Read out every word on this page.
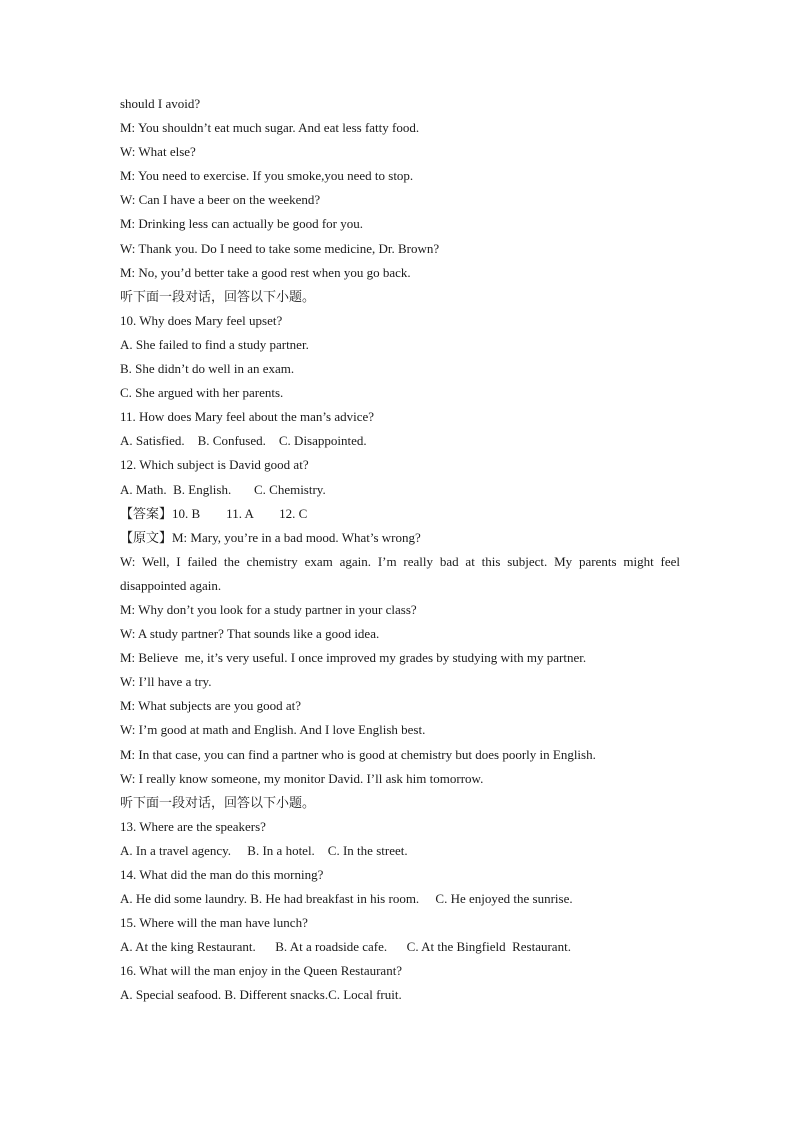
should I avoid?

M: You shouldn’t eat much sugar. And eat less fatty food.

W: What else?

M: You need to exercise. If you smoke,you need to stop.

W: Can I have a beer on the weekend?

M: Drinking less can actually be good for you.

W: Thank you. Do I need to take some medicine, Dr. Brown?

M: No, you’d better take a good rest when you go back.

听下面一段对话，回答以下小题。

10. Why does Mary feel upset?

A. She failed to find a study partner.

B. She didn’t do well in an exam.

C. She argued with her parents.

11. How does Mary feel about the man’s advice?

A. Satisfied.    B. Confused.    C. Disappointed.

12. Which subject is David good at?

A. Math.  B. English.       C. Chemistry.

【答案】10. B        11. A        12. C

【原文】M: Mary, you’re in a bad mood. What’s wrong?

W: Well, I failed the chemistry exam again. I’m really bad at this subject. My parents might feel disappointed again.

M: Why don’t you look for a study partner in your class?

W: A study partner? That sounds like a good idea.

M: Believe  me, it’s very useful. I once improved my grades by studying with my partner.

W: I’ll have a try.

M: What subjects are you good at?

W: I’m good at math and English. And I love English best.

M: In that case, you can find a partner who is good at chemistry but does poorly in English.

W: I really know someone, my monitor David. I’ll ask him tomorrow.

听下面一段对话，回答以下小题。

13. Where are the speakers?

A. In a travel agency.     B. In a hotel.    C. In the street.

14. What did the man do this morning?

A. He did some laundry. B. He had breakfast in his room.     C. He enjoyed the sunrise.

15. Where will the man have lunch?

A. At the king Restaurant.      B. At a roadside cafe.      C. At the Bingfield  Restaurant.

16. What will the man enjoy in the Queen Restaurant?

A. Special seafood. B. Different snacks.C. Local fruit.
